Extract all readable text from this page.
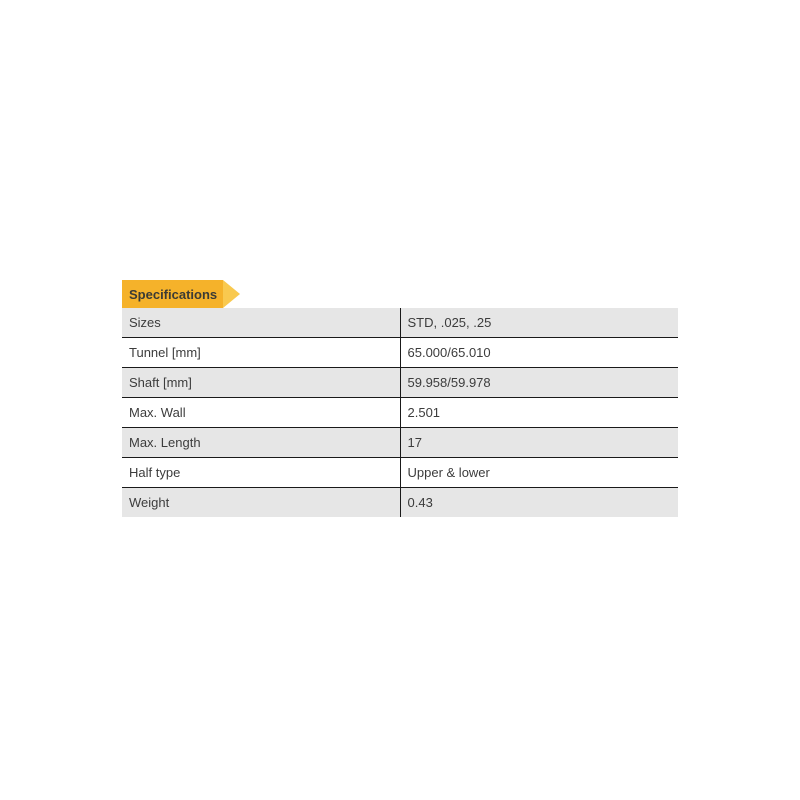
Specifications
Sizes	STD, .025, .25
Tunnel [mm]	65.000/65.010
Shaft [mm]	59.958/59.978
Max. Wall	2.501
Max. Length	17
Half type	Upper & lower
Weight	0.43
